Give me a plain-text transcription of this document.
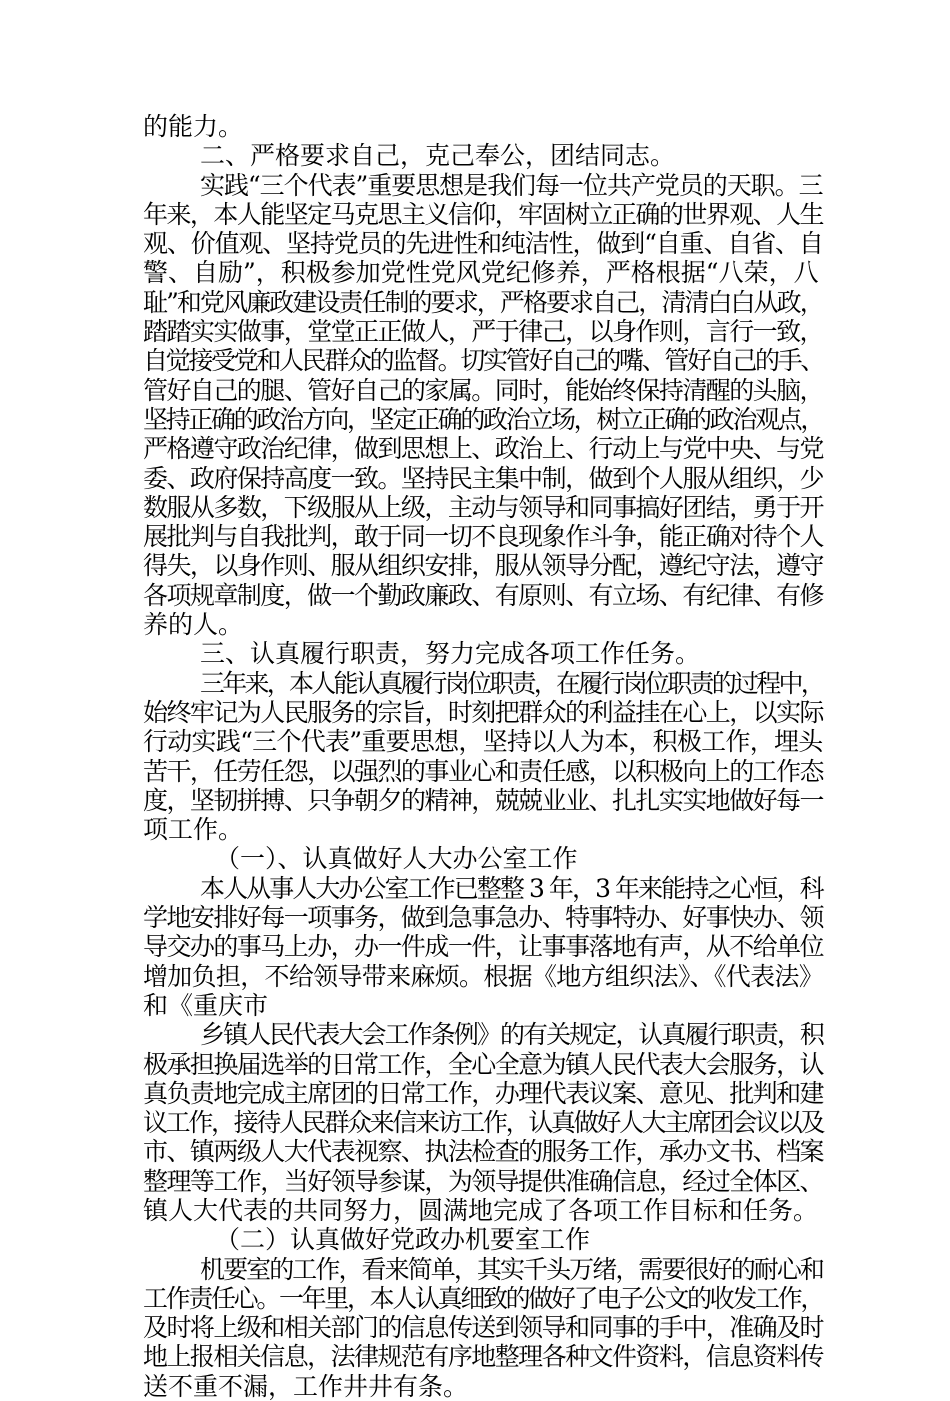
的能力。
二、严格要求自己，克己奉公，团结同志。
实践“三个代表”重要思想是我们每一位共产党员的天职。三
年来，本人能坚定马克思主义信仰，牢固树立正确的世界观、人生
观、价值观、坚持党员的先进性和纯洁性，做到“自重、自省、自
警、自励”，积极参加党性党风党纪修养，严格根据“八荣，八
耻”和党风廉政建设责任制的要求，严格要求自己，清清白白从政，
踏踏实实做事，堂堂正正做人，严于律己，以身作则，言行一致，
自觉接受党和人民群众的监督。切实管好自己的嘴、管好自己的手、
管好自己的腿、管好自己的家属。同时，能始终保持清醒的头脑，
坚持正确的政治方向，坚定正确的政治立场，树立正确的政治观点，
严格遵守政治纪律，做到思想上、政治上、行动上与党中央、与党
委、政府保持高度一致。坚持民主集中制，做到个人服从组织，少
数服从多数，下级服从上级，主动与领导和同事搞好团结，勇于开
展批判与自我批判，敢于同一切不良现象作斗争，能正确对待个人
得失，以身作则、服从组织安排，服从领导分配，遵纪守法，遵守
各项规章制度，做一个勤政廉政、有原则、有立场、有纪律、有修
养的人。
三、认真履行职责，努力完成各项工作任务。
三年来，本人能认真履行岗位职责，在履行岗位职责的过程中，
始终牢记为人民服务的宗旨，时刻把群众的利益挂在心上，以实际
行动实践“三个代表”重要思想，坚持以人为本，积极工作，埋头
苦干，任劳任怨，以强烈的事业心和责任感，以积极向上的工作态
度，坚韧拼搏、只争朝夕的精神，兢兢业业、扎扎实实地做好每一
项工作。
（一）、认真做好人大办公室工作
本人从事人大办公室工作已整整 3 年，3 年来能持之心恒，科
学地安排好每一项事务，做到急事急办、特事特办、好事快办、领
导交办的事马上办，办一件成一件，让事事落地有声，从不给单位
增加负担，不给领导带来麻烦。根据《地方组织法》、《代表法》
和《重庆市
乡镇人民代表大会工作条例》的有关规定，认真履行职责，积
极承担换届选举的日常工作，全心全意为镇人民代表大会服务，认
真负责地完成主席团的日常工作，办理代表议案、意见、批判和建
议工作，接待人民群众来信来访工作，认真做好人大主席团会议以及
市、镇两级人大代表视察、执法检查的服务工作，承办文书、档案
整理等工作，当好领导参谋，为领导提供准确信息，经过全体区、
镇人大代表的共同努力，圆满地完成了各项工作目标和任务。
（二）认真做好党政办机要室工作
机要室的工作，看来简单，其实千头万绪，需要很好的耐心和
工作责任心。一年里，本人认真细致的做好了电子公文的收发工作，
及时将上级和相关部门的信息传送到领导和同事的手中，准确及时
地上报相关信息，法律规范有序地整理各种文件资料，信息资料传
送不重不漏，工作井井有条。
